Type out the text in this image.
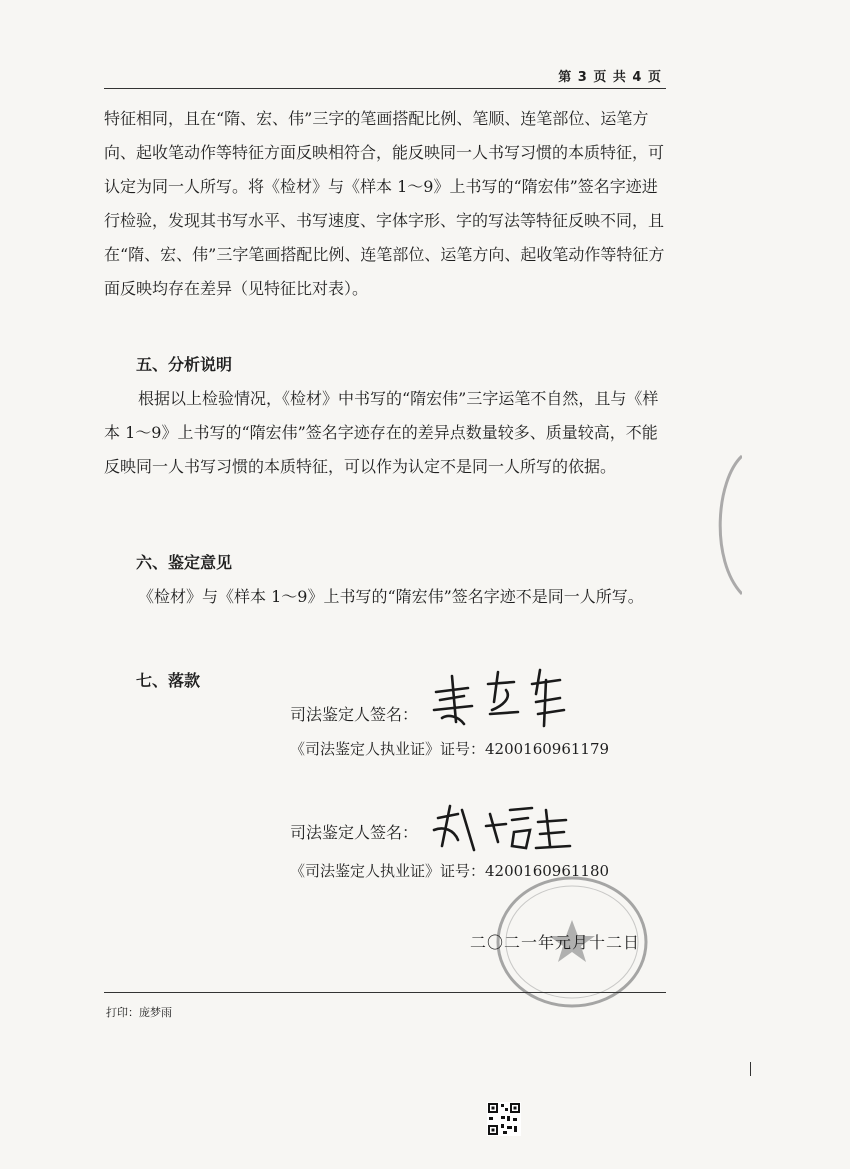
第 3 页 共 4 页

特征相同，且在“隋、宏、伟”三字的笔画搭配比例、笔顺、连笔部位、运笔方向、起收笔动作等特征方面反映相符合，能反映同一人书写习惯的本质特征，可认定为同一人所写。将《检材》与《样本 1～9》上书写的“隋宏伟”签名字迹进行检验，发现其书写水平、书写速度、字体字形、字的写法等特征反映不同，且在“隋、宏、伟”三字笔画搭配比例、连笔部位、运笔方向、起收笔动作等特征方面反映均存在差异（见特征比对表）。

五、分析说明

根据以上检验情况，《检材》中书写的“隋宏伟”三字运笔不自然，且与《样本 1～9》上书写的“隋宏伟”签名字迹存在的差异点数量较多、质量较高，不能反映同一人书写习惯的本质特征，可以作为认定不是同一人所写的依据。

六、鉴定意见

《检材》与《样本 1～9》上书写的“隋宏伟”签名字迹不是同一人所写。

七、落款
司法鉴定人签名：
《司法鉴定人执业证》证号：4200160961179
司法鉴定人签名：
《司法鉴定人执业证》证号：4200160961180
二〇二一年元月十二日
打印：庞梦雨
